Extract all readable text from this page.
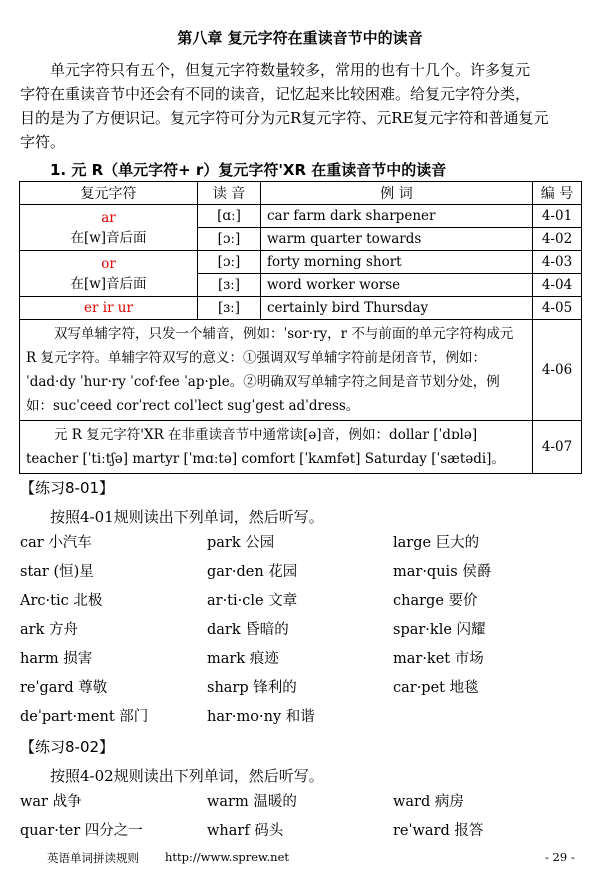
第八章 复元字符在重读音节中的读音
单元字符只有五个，但复元字符数量较多，常用的也有十几个。许多复元
字符在重读音节中还会有不同的读音，记忆起来比较困难。给复元字符分类，
目的是为了方便识记。复元字符可分为元R复元字符、元RE复元字符和普通复元
字符。
1. 元 R（单元字符+ r）复元字符'XR 在重读音节中的读音
复元字符	读 音	例 词	编 号

ar
在[w]音后面	[ɑː]	car farm dark sharpener	4-01
	[ɔː]	warm quarter towards	4-02

or
在[w]音后面	[ɔː]	forty morning short	4-03
	[ɜː]	word worker worse	4-04
er ir ur	[ɜː]	certainly bird Thursday	4-05
双写单辅字符，只发一个辅音，例如：ˈsor·ry，r 不与前面的单元字符构成元 R 复元字符。单辅字符双写的意义：①强调双写单辅字符前是闭音节，例如：ˈdad·dy ˈhur·ry ˈcof·fee ˈap·ple。②明确双写单辅字符之间是音节划分处，例如：sucˈceed corˈrect colˈlect sugˈgest adˈdress。			4-06
元 R 复元字符'XR 在非重读音节中通常读[ə]音，例如：dollar [ˈdɒlə] teacher [ˈtiːtʃə] martyr [ˈmɑːtə] comfort [ˈkʌmfət] Saturday [ˈsætədi]。			4-07
【练习8-01】
按照4-01规则读出下列单词，然后听写。
car 小汽车	park 公园	large 巨大的
star (恒)星	gar·den 花园	mar·quis 侯爵
Arc·tic 北极	ar·ti·cle 文章	charge 要价
ark 方舟	dark 昏暗的	spar·kle 闪耀
harm 损害	mark 痕迹	mar·ket 市场
reˈgard 尊敬	sharp 锋利的	car·pet 地毯
deˈpart·ment 部门	har·mo·ny 和谐
【练习8-02】
按照4-02规则读出下列单词，然后听写。
war 战争	warm 温暖的	ward 病房
quar·ter 四分之一	wharf 码头	reˈward 报答
英语单词拼读规则 http://www.sprew.net	- 29 -
